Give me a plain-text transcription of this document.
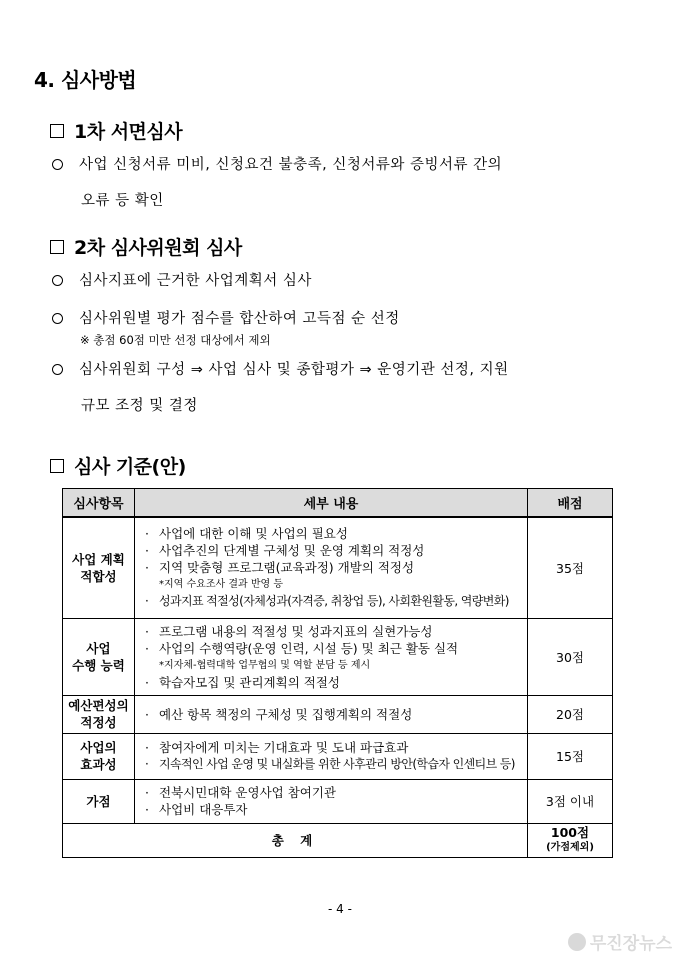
4. 심사방법
1차 서면심사
사업 신청서류 미비, 신청요건 불충족, 신청서류와 증빙서류 간의
오류 등 확인
2차 심사위원회 심사
심사지표에 근거한 사업계획서 심사
심사위원별 평가 점수를 합산하여 고득점 순 선정
※ 총점 60점 미만 선정 대상에서 제외
심사위원회 구성 ⇒ 사업 심사 및 종합평가 ⇒ 운영기관 선정, 지원
규모 조정 및 결정
심사 기준(안)
심사항목	세부 내용	배점

사업 계획
적합성	· 사업에 대한 이해 및 사업의 필요성
· 사업추진의 단계별 구체성 및 운영 계획의 적정성
· 지역 맞춤형 프로그램(교육과정) 개발의 적정성
*지역 수요조사 결과 반영 등
· 성과지표 적절성(자체성과(자격증, 취창업 등), 사회환원활동, 역량변화)	35점

사업
수행 능력	· 프로그램 내용의 적절성 및 성과지표의 실현가능성
· 사업의 수행역량(운영 인력, 시설 등) 및 최근 활동 실적
*지자체-협력대학 업무협의 및 역할 분담 등 제시
· 학습자모집 및 관리계획의 적절성	30점

예산편성의
적정성	· 예산 항목 책정의 구체성 및 집행계획의 적절성	20점

사업의
효과성	· 참여자에게 미치는 기대효과 및 도내 파급효과
· 지속적인 사업 운영 및 내실화를 위한 사후관리 방안(학습자 인센티브 등)	15점

가점	· 전북시민대학 운영사업 참여기관
· 사업비 대응투자	3점 이내
총 계		100점
(가점제외)
- 4 -
무진장뉴스
